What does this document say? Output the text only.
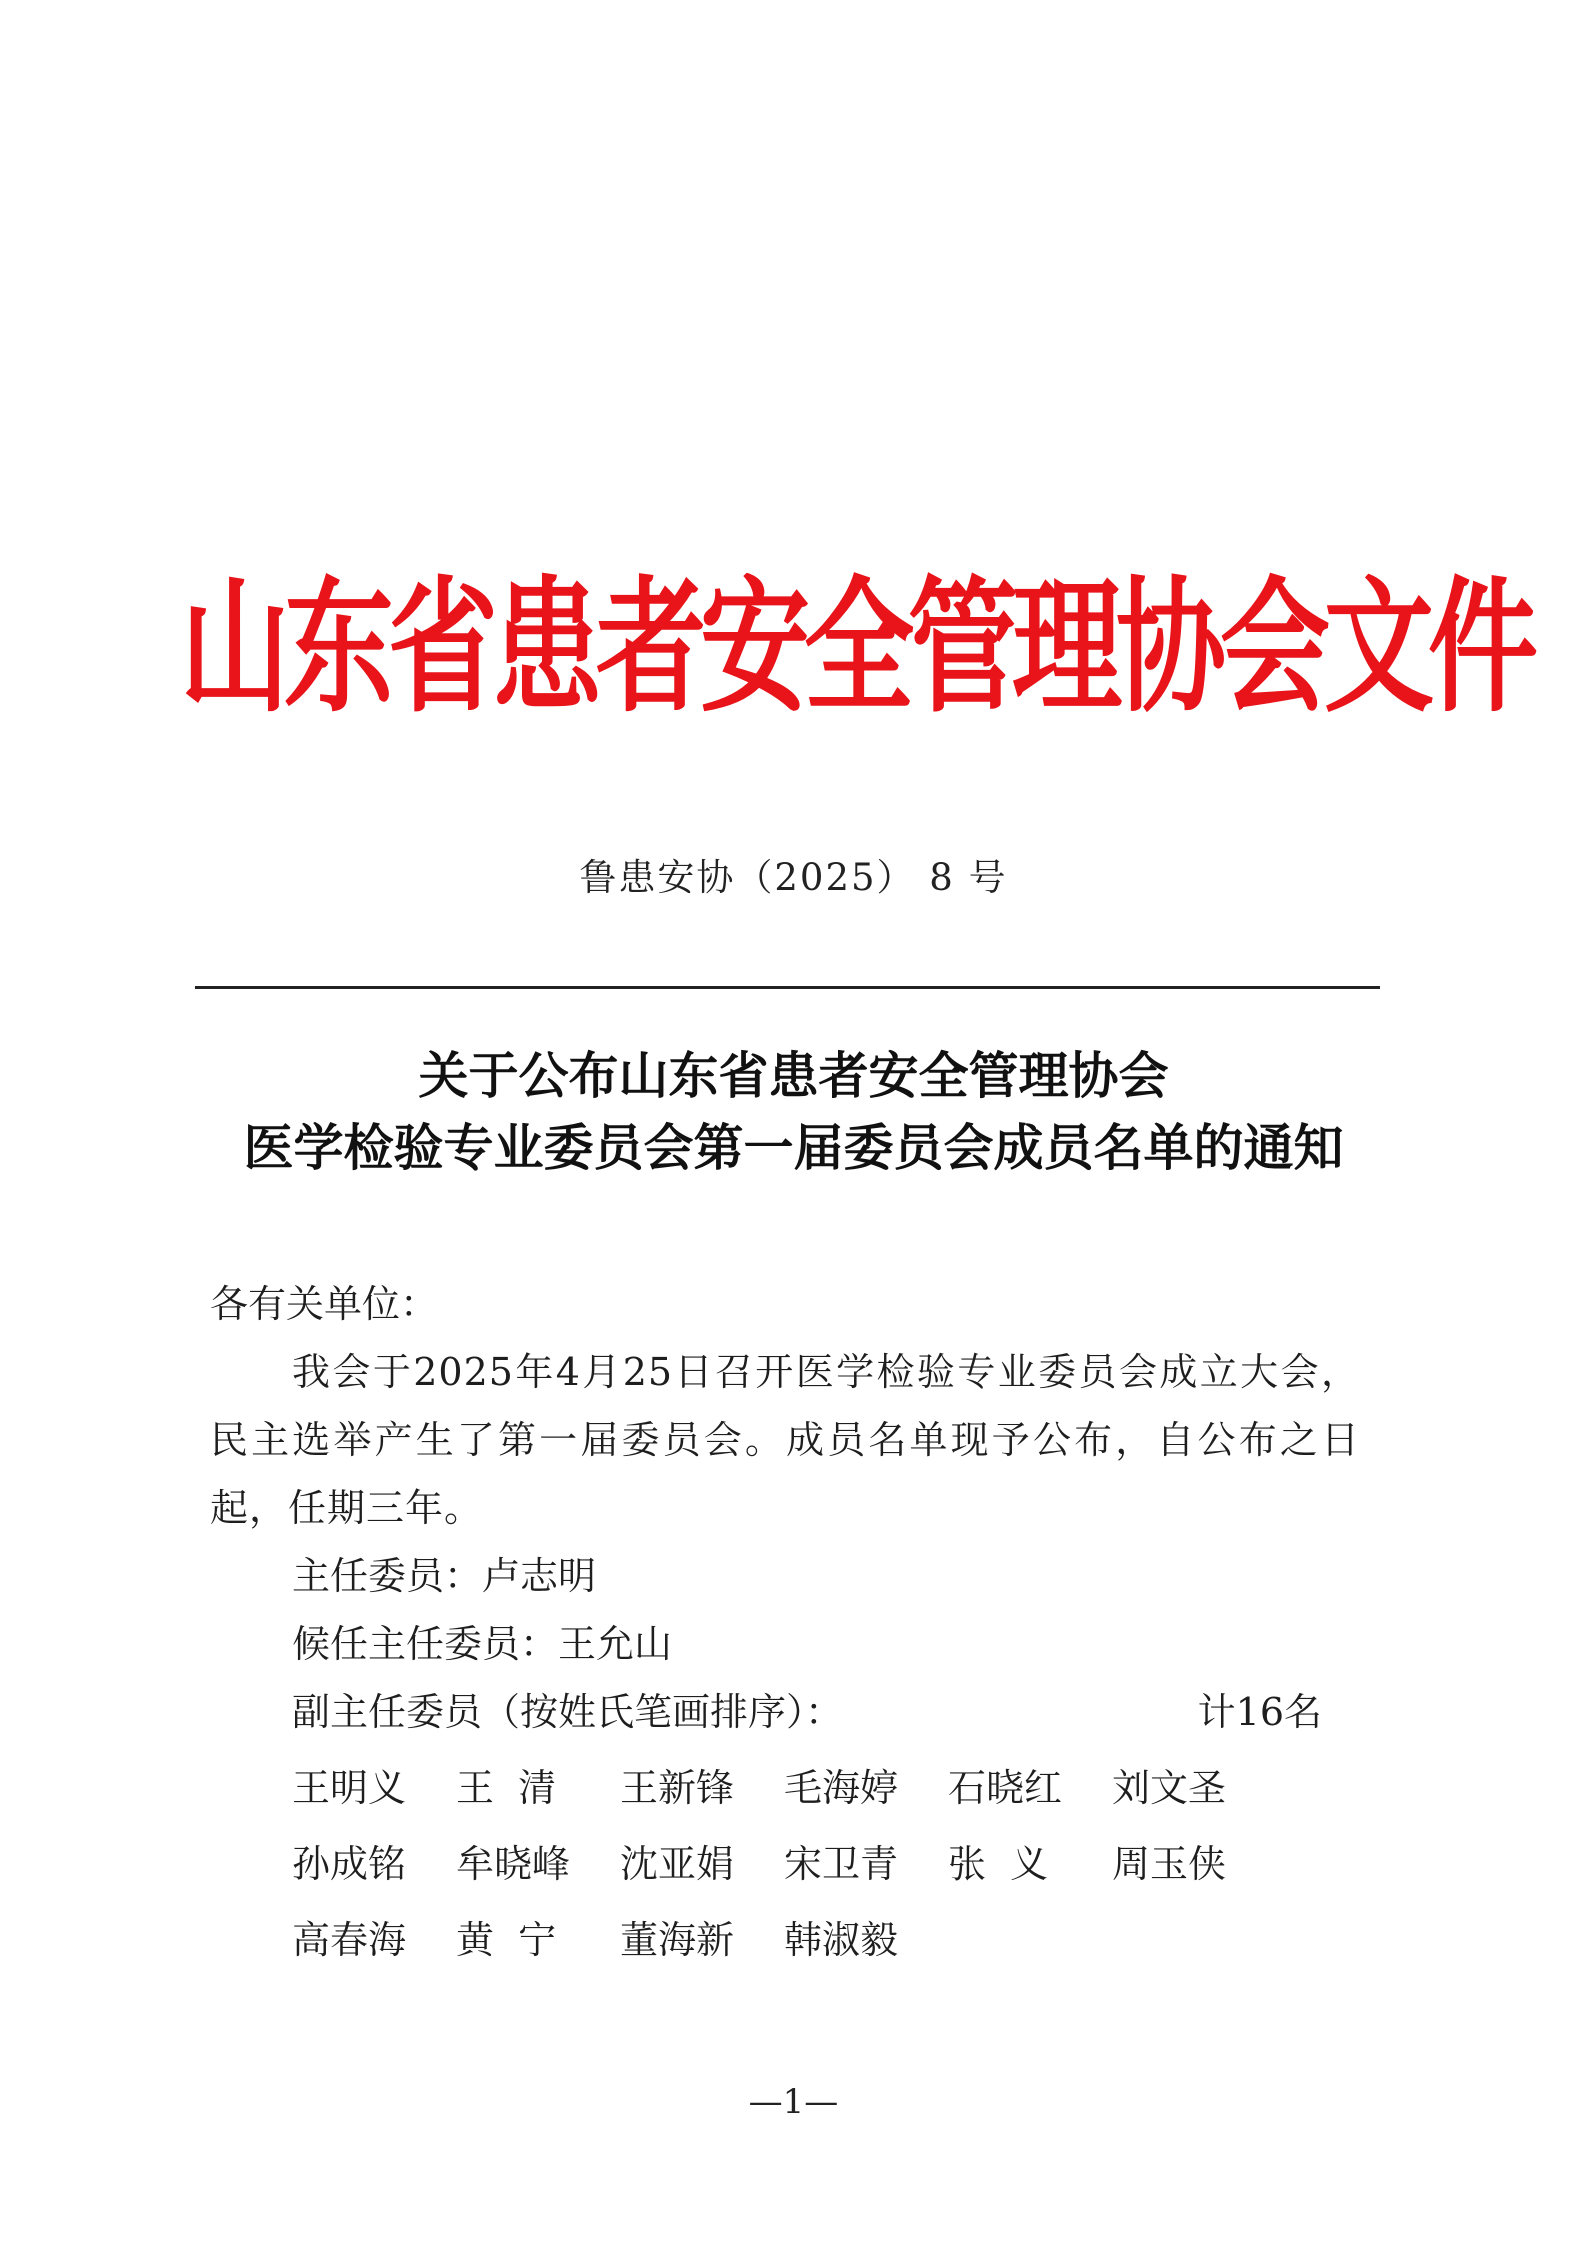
山东省患者安全管理协会文件
鲁患安协（2025） 8 号
关于公布山东省患者安全管理协会
医学检验专业委员会第一届委员会成员名单的通知
各有关单位：
我会于2025年4月25日召开医学检验专业委员会成立大会，民主选举产生了第一届委员会。成员名单现予公布，自公布之日起，任期三年。
主任委员：卢志明
候任主任委员：王允山
副主任委员（按姓氏笔画排序）：	计16名
王明义	王  清	王新锋	毛海婷	石晓红	刘文圣
孙成铭	牟晓峰	沈亚娟	宋卫青	张  义	周玉侠
高春海	黄  宁	董海新	韩淑毅
—1—
